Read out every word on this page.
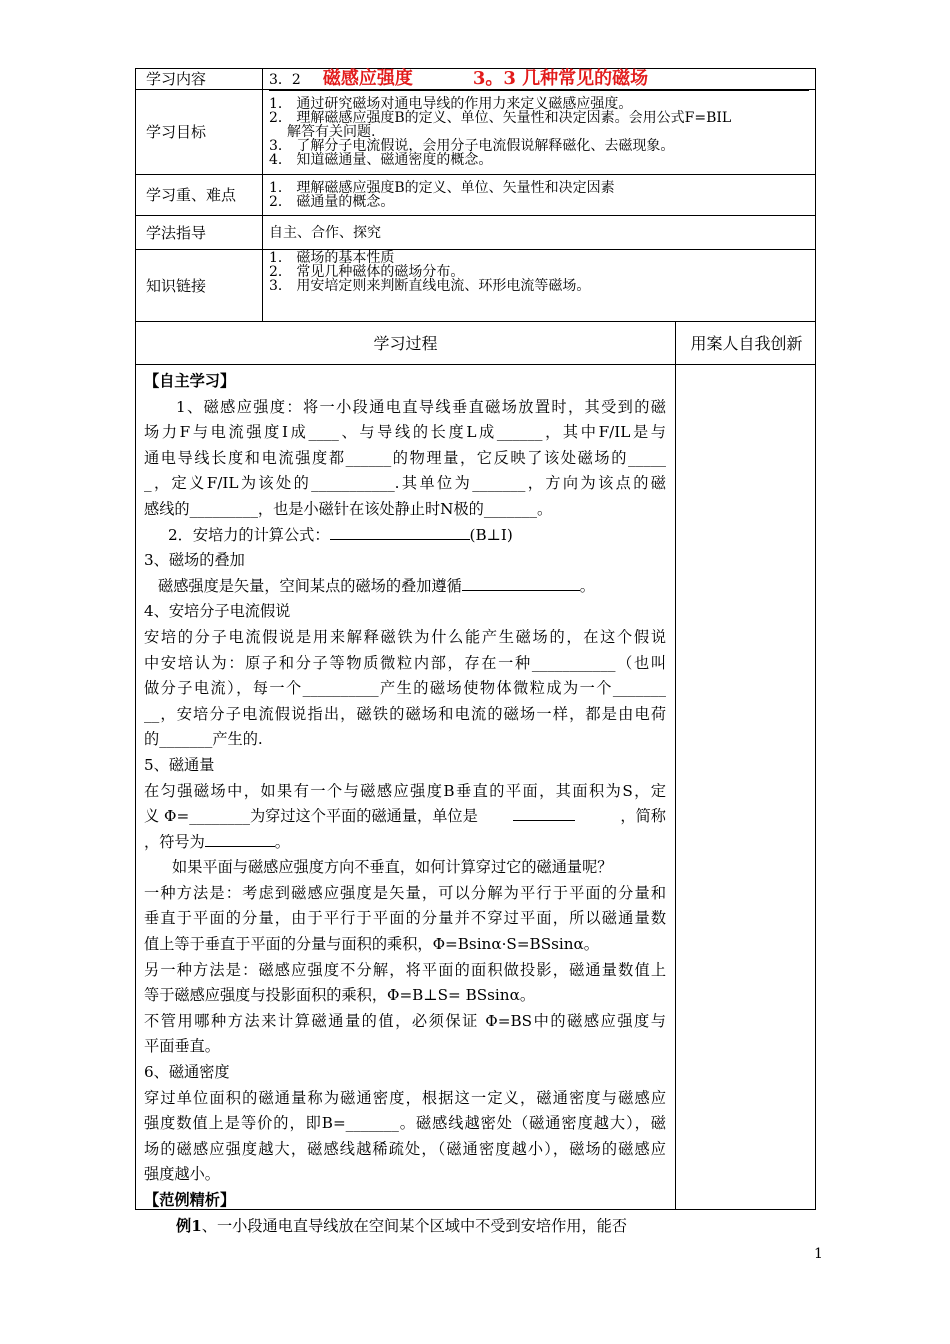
学习内容	3．2 磁感应强度 3。3 几种常见的磁场

学习目标	1． 通过研究磁场对通电导线的作用力来定义磁感应强度。
2． 理解磁感应强度B的定义、单位、矢量性和决定因素。会用公式F=BIL
解答有关问题.
3． 了解分子电流假说，会用分子电流假说解释磁化、去磁现象。
4． 知道磁通量、磁通密度的概念。

学习重、难点	1． 理解磁感应强度B的定义、单位、矢量性和决定因素
2． 磁通量的概念。

学法指导	自主、合作、探究
知识链接	1． 磁场的基本性质
2． 常见几种磁体的磁场分布。
3． 用安培定则来判断直线电流、环形电流等磁场。
学习过程	用案人自我创新

【自主学习】

1、磁感应强度：将一小段通电直导线垂直磁场放置时，其受到的磁

场力F与电流强度I成____、与导线的长度L成______，其中F/IL是与

通电导线长度和电流强度都______的物理量，它反映了该处磁场的_____

_，定义F/IL为该处的___________.其单位为_______，方向为该点的磁

感线的_________，也是小磁针在该处静止时N极的_______。

2．安培力的计算公式：	(B⊥I)

3、磁场的叠加

磁感强度是矢量，空间某点的磁场的叠加遵循	。

4、安培分子电流假说

安培的分子电流假说是用来解释磁铁为什么能产生磁场的，在这个假说

中安培认为：原子和分子等物质微粒内部，存在一种___________（也叫

做分子电流），每一个__________产生的磁场使物体微粒成为一个_______

__，安培分子电流假说指出，磁铁的磁场和电流的磁场一样，都是由电荷

的_______产生的.

5、磁通量

在匀强磁场中，如果有一个与磁感应强度B垂直的平面，其面积为S，定

义 Φ=________为穿过这个平面的磁通量，单位是	，简称

，符号为	。

如果平面与磁感应强度方向不垂直，如何计算穿过它的磁通量呢？

一种方法是：考虑到磁感应强度是矢量，可以分解为平行于平面的分量和

垂直于平面的分量，由于平行于平面的分量并不穿过平面，所以磁通量数

值上等于垂直于平面的分量与面积的乘积，Φ=Bsinα·S=BSsinα。

另一种方法是：磁感应强度不分解，将平面的面积做投影，磁通量数值上

等于磁感应强度与投影面积的乘积，Φ=B⊥S= BSsinα。

不管用哪种方法来计算磁通量的值，必须保证 Φ=BS中的磁感应强度与

平面垂直。

6、磁通密度

穿过单位面积的磁通量称为磁通密度，根据这一定义，磁通密度与磁感应

强度数值上是等价的，即B=_______。磁感线越密处（磁通密度越大），磁

场的磁感应强度越大，磁感线越稀疏处，（磁通密度越小），磁场的磁感应

强度越小。

【范例精析】

例1、一小段通电直导线放在空间某个区域中不受到安培作用，能否

1
